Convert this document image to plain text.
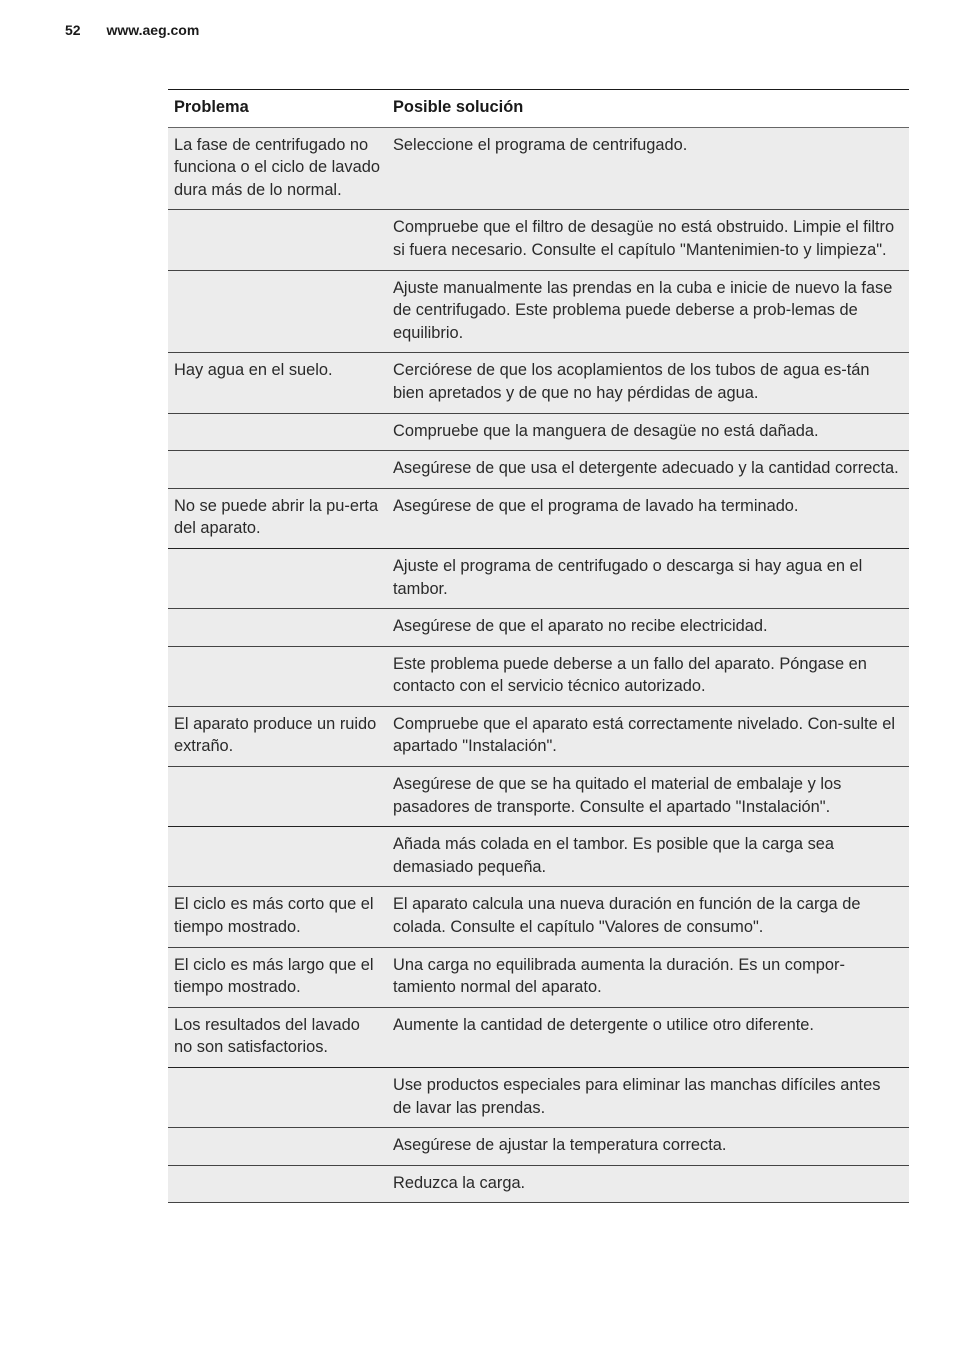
52 www.aeg.com
Problema	Posible solución
La fase de centrifugado no funciona o el ciclo de lavado dura más de lo normal.	Seleccione el programa de centrifugado.
	Compruebe que el filtro de desagüe no está obstruido. Limpie el filtro si fuera necesario. Consulte el capítulo "Mantenimien-to y limpieza".
	Ajuste manualmente las prendas en la cuba e inicie de nuevo la fase de centrifugado. Este problema puede deberse a prob-lemas de equilibrio.
Hay agua en el suelo.	Cerciórese de que los acoplamientos de los tubos de agua es-tán bien apretados y de que no hay pérdidas de agua.
	Compruebe que la manguera de desagüe no está dañada.
	Asegúrese de que usa el detergente adecuado y la cantidad correcta.
No se puede abrir la pu-erta del aparato.	Asegúrese de que el programa de lavado ha terminado.
	Ajuste el programa de centrifugado o descarga si hay agua en el tambor.
	Asegúrese de que el aparato no recibe electricidad.
	Este problema puede deberse a un fallo del aparato. Póngase en contacto con el servicio técnico autorizado.
El aparato produce un ruido extraño.	Compruebe que el aparato está correctamente nivelado. Con-sulte el apartado "Instalación".
	Asegúrese de que se ha quitado el material de embalaje y los pasadores de transporte. Consulte el apartado "Instalación".
	Añada más colada en el tambor. Es posible que la carga sea demasiado pequeña.
El ciclo es más corto que el tiempo mostrado.	El aparato calcula una nueva duración en función de la carga de colada. Consulte el capítulo "Valores de consumo".
El ciclo es más largo que el tiempo mostrado.	Una carga no equilibrada aumenta la duración. Es un compor-tamiento normal del aparato.
Los resultados del lavado no son satisfactorios.	Aumente la cantidad de detergente o utilice otro diferente.
	Use productos especiales para eliminar las manchas difíciles antes de lavar las prendas.
	Asegúrese de ajustar la temperatura correcta.
	Reduzca la carga.
